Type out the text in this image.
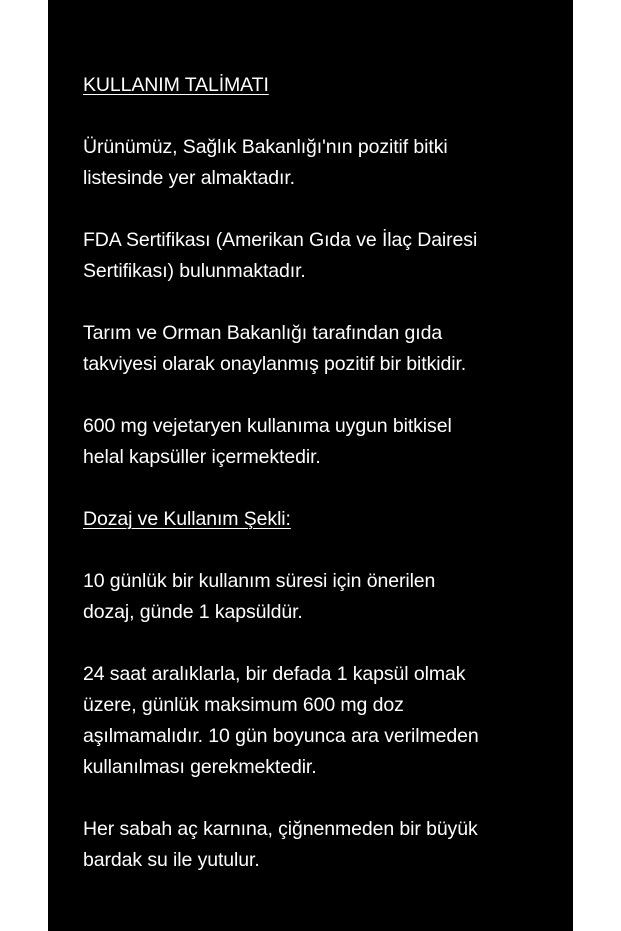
KULLANIM TALİMATI

Ürünümüz, Sağlık Bakanlığı'nın pozitif bitki
listesinde yer almaktadır.

FDA Sertifikası (Amerikan Gıda ve İlaç Dairesi
Sertifikası) bulunmaktadır.

Tarım ve Orman Bakanlığı tarafından gıda
takviyesi olarak onaylanmış pozitif bir bitkidir.

600 mg vejetaryen kullanıma uygun bitkisel
helal kapsüller içermektedir.

Dozaj ve Kullanım Şekli:

10 günlük bir kullanım süresi için önerilen
dozaj, günde 1 kapsüldür.

24 saat aralıklarla, bir defada 1 kapsül olmak
üzere, günlük maksimum 600 mg doz
aşılmamalıdır. 10 gün boyunca ara verilmeden
kullanılması gerekmektedir.

Her sabah aç karnına, çiğnenmeden bir büyük
bardak su ile yutulur.
